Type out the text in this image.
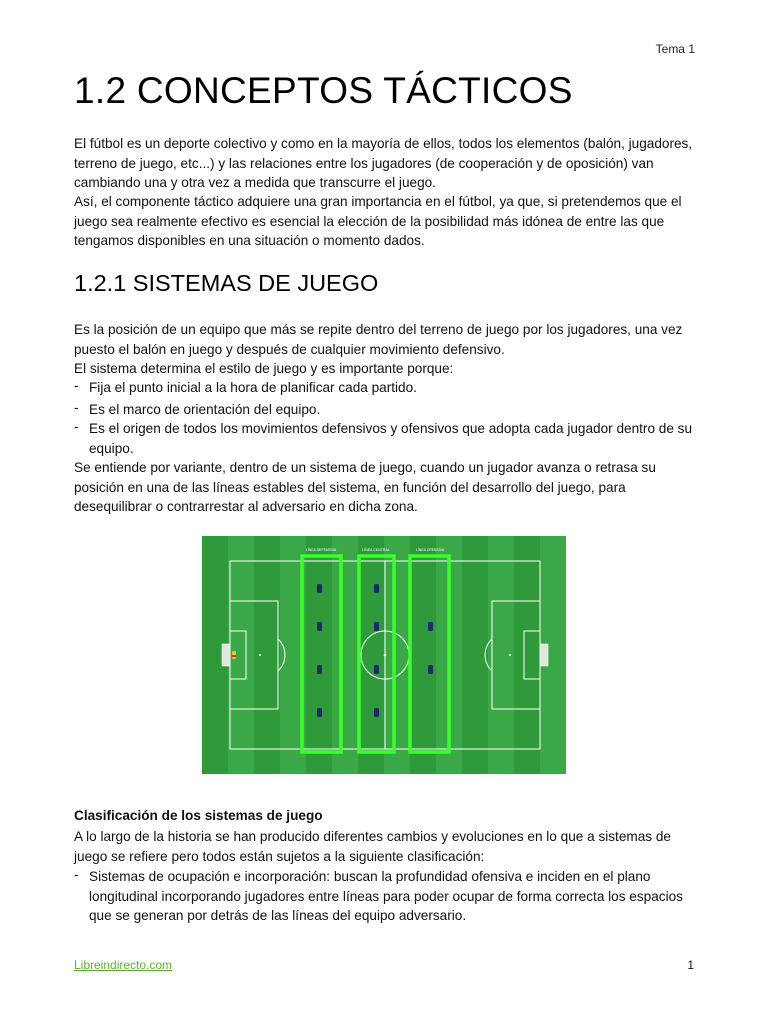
Tema 1
1.2 CONCEPTOS TÁCTICOS

El fútbol es un deporte colectivo y como en la mayoría de ellos, todos los elementos (balón, jugadores, terreno de juego, etc...) y las relaciones entre los jugadores (de cooperación y de oposición) van cambiando una y otra vez a medida que transcurre el juego.

Así, el componente táctico adquiere una gran importancia en el fútbol, ya que, si pretendemos que el juego sea realmente efectivo es esencial la elección de la posibilidad más idónea de entre las que tengamos disponibles en una situación o momento dados.

1.2.1 SISTEMAS DE JUEGO

Es la posición de un equipo que más se repite dentro del terreno de juego por los jugadores, una vez puesto el balón en juego y después de cualquier movimiento defensivo.

El sistema determina el estilo de juego y es importante porque:

- Fija el punto inicial a la hora de planificar cada partido.
- Es el marco de orientación del equipo.
- Es el origen de todos los movimientos defensivos y ofensivos que adopta cada jugador dentro de su equipo.

Se entiende por variante, dentro de un sistema de juego, cuando un jugador avanza o retrasa su posición en una de las líneas estables del sistema, en función del desarrollo del juego, para desequilibrar o contrarrestar al adversario en dicha zona.

LÍNEA DEFENSIVA	LÍNEA CENTRAL	LÍNEA OFENSIVA
Clasificación de los sistemas de juego

A lo largo de la historia se han producido diferentes cambios y evoluciones en lo que a sistemas de juego se refiere pero todos están sujetos a la siguiente clasificación:

- Sistemas de ocupación e incorporación: buscan la profundidad ofensiva e inciden en el plano longitudinal incorporando jugadores entre líneas para poder ocupar de forma correcta los espacios que se generan por detrás de las líneas del equipo adversario.
Libreindirecto.com	1
